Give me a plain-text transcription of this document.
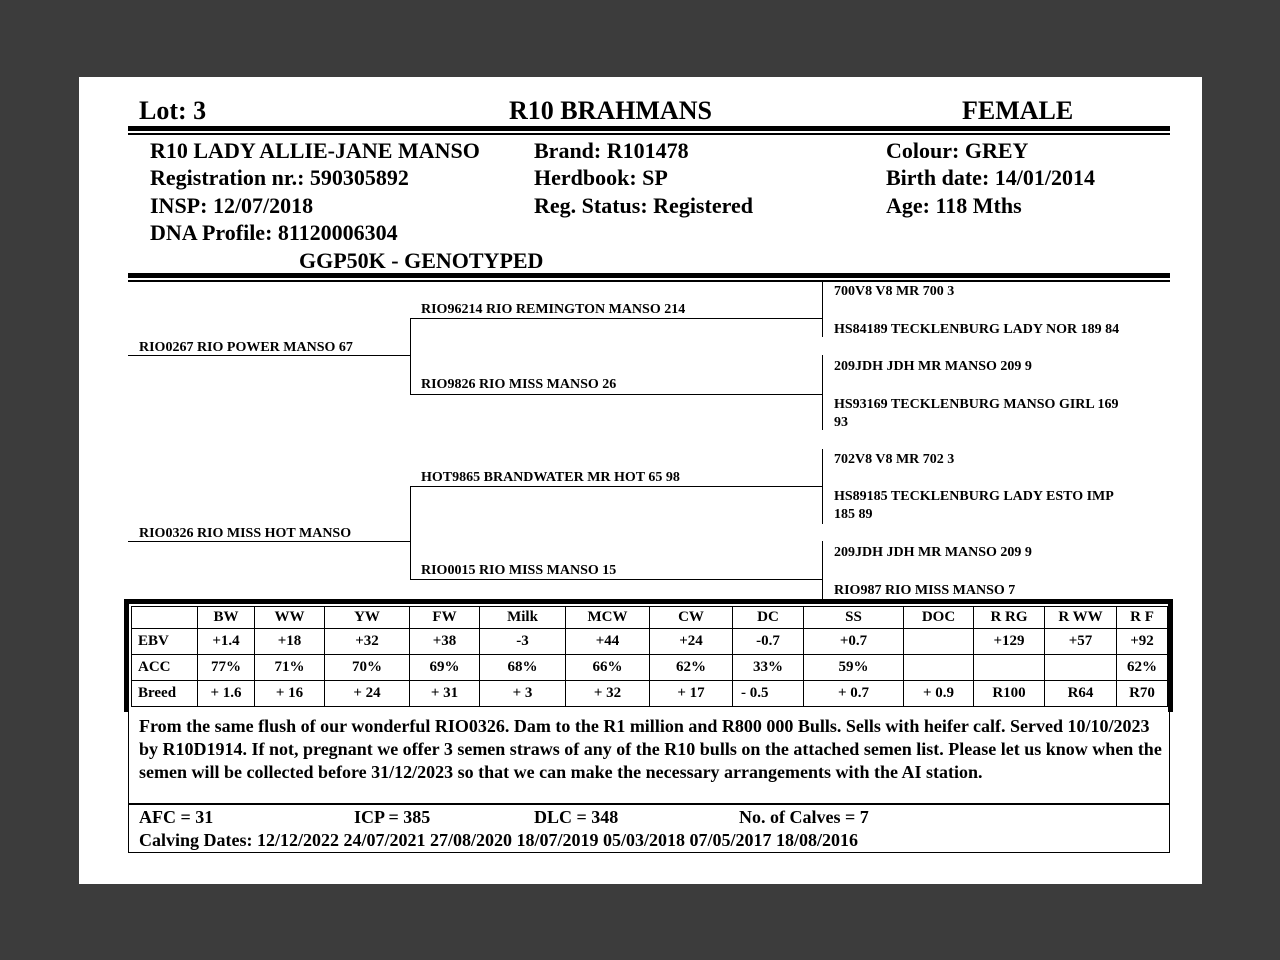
Lot: 3	R10 BRAHMANS	FEMALE
R10 LADY ALLIE-JANE MANSO
Registration nr.: 590305892
INSP: 12/07/2018
DNA Profile: 81120006304
GGP50K - GENOTYPED
Brand: R101478
Herdbook: SP
Reg. Status: Registered
Colour: GREY
Birth date: 14/01/2014
Age: 118 Mths
RIO0267 RIO POWER MANSO 67
RIO0326 RIO MISS HOT MANSO
RIO96214 RIO REMINGTON MANSO 214
RIO9826 RIO MISS MANSO 26
HOT9865 BRANDWATER MR HOT 65 98
RIO0015 RIO MISS MANSO 15
700V8 V8 MR 700 3
HS84189 TECKLENBURG LADY NOR 189 84
209JDH JDH MR MANSO 209 9
HS93169 TECKLENBURG MANSO GIRL 169
93
702V8 V8 MR 702 3
HS89185 TECKLENBURG LADY ESTO IMP
185 89
209JDH JDH MR MANSO 209 9
RIO987 RIO MISS MANSO 7
	BW	WW	YW	FW	Milk	MCW	CW	DC	SS	DOC	R RG	R WW	R F
EBV	+1.4	+18	+32	+38	-3	+44	+24	-0.7	+0.7		+129	+57	+92
ACC	77%	71%	70%	69%	68%	66%	62%	33%	59%				62%
Breed	+ 1.6	+ 16	+ 24	+ 31	+ 3	+ 32	+ 17	- 0.5	+ 0.7	+ 0.9	R100	R64	R70

From the same flush of our wonderful RIO0326. Dam to the R1 million and R800 000 Bulls. Sells with heifer calf. Served 10/10/2023 by R10D1914. If not, pregnant we offer 3 semen straws of any of the R10 bulls on the attached semen list. Please let us know when the semen will be collected before 31/12/2023 so that we can make the necessary arrangements with the AI station.

AFC = 31	ICP = 385	DLC = 348	No. of Calves = 7
Calving Dates: 12/12/2022 24/07/2021 27/08/2020 18/07/2019 05/03/2018 07/05/2017 18/08/2016
